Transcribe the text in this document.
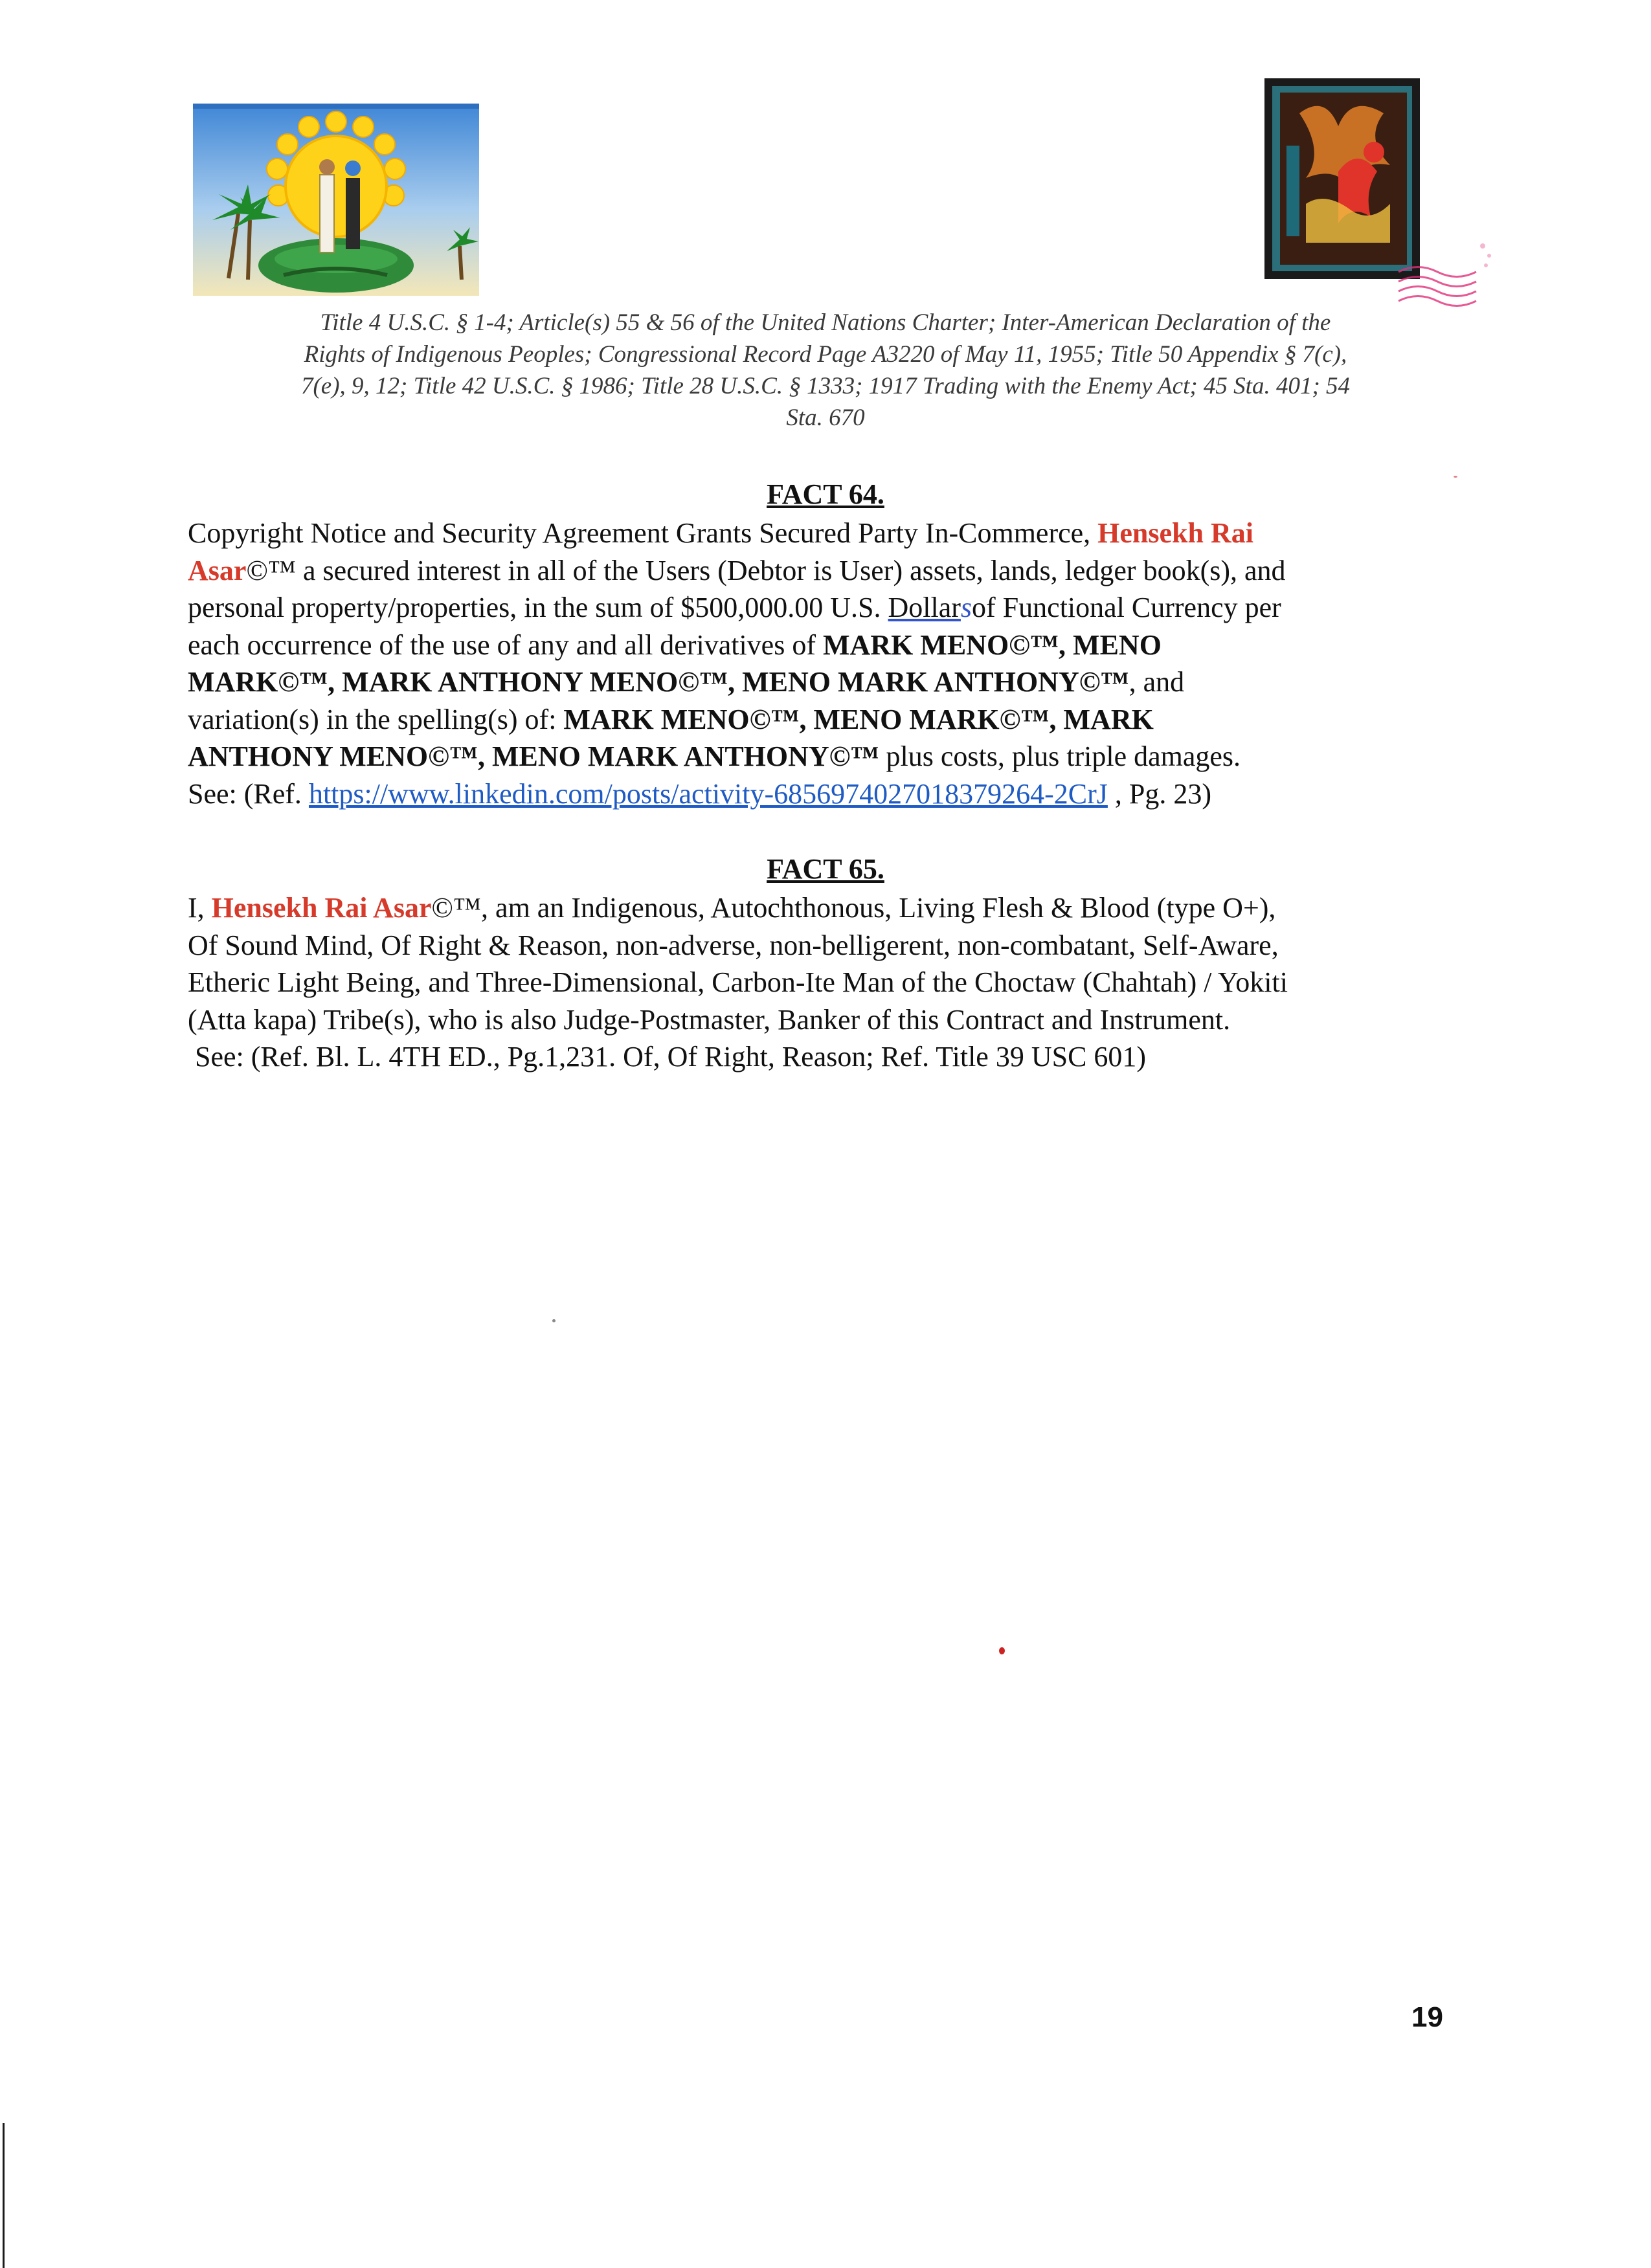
Title 4 U.S.C. § 1-4; Article(s) 55 & 56 of the United Nations Charter; Inter-American Declaration of the
Rights of Indigenous Peoples; Congressional Record Page A3220 of May 11, 1955; Title 50 Appendix § 7(c),
7(e), 9, 12; Title 42 U.S.C. § 1986; Title 28 U.S.C. § 1333; 1917 Trading with the Enemy Act; 45 Sta. 401; 54
Sta. 670
FACT 64.
Copyright Notice and Security Agreement Grants Secured Party In-Commerce, Hensekh Rai
Asar©™ a secured interest in all of the Users (Debtor is User) assets, lands, ledger book(s), and
personal property/properties, in the sum of $500,000.00 U.S. Dollarsof Functional Currency per
each occurrence of the use of any and all derivatives of MARK MENO©™, MENO
MARK©™, MARK ANTHONY MENO©™, MENO MARK ANTHONY©™, and
variation(s) in the spelling(s) of: MARK MENO©™, MENO MARK©™, MARK
ANTHONY MENO©™, MENO MARK ANTHONY©™ plus costs, plus triple damages.
See: (Ref. https://www.linkedin.com/posts/activity-6856974027018379264-2CrJ , Pg. 23)
FACT 65.
I, Hensekh Rai Asar©™, am an Indigenous, Autochthonous, Living Flesh & Blood (type O+),
Of Sound Mind, Of Right & Reason, non-adverse, non-belligerent, non-combatant, Self-Aware,
Etheric Light Being, and Three-Dimensional, Carbon-Ite Man of the Choctaw (Chahtah) / Yokiti
(Atta kapa) Tribe(s), who is also Judge-Postmaster, Banker of this Contract and Instrument.
See: (Ref. Bl. L. 4TH ED., Pg.1,231. Of, Of Right, Reason; Ref. Title 39 USC 601)
19
